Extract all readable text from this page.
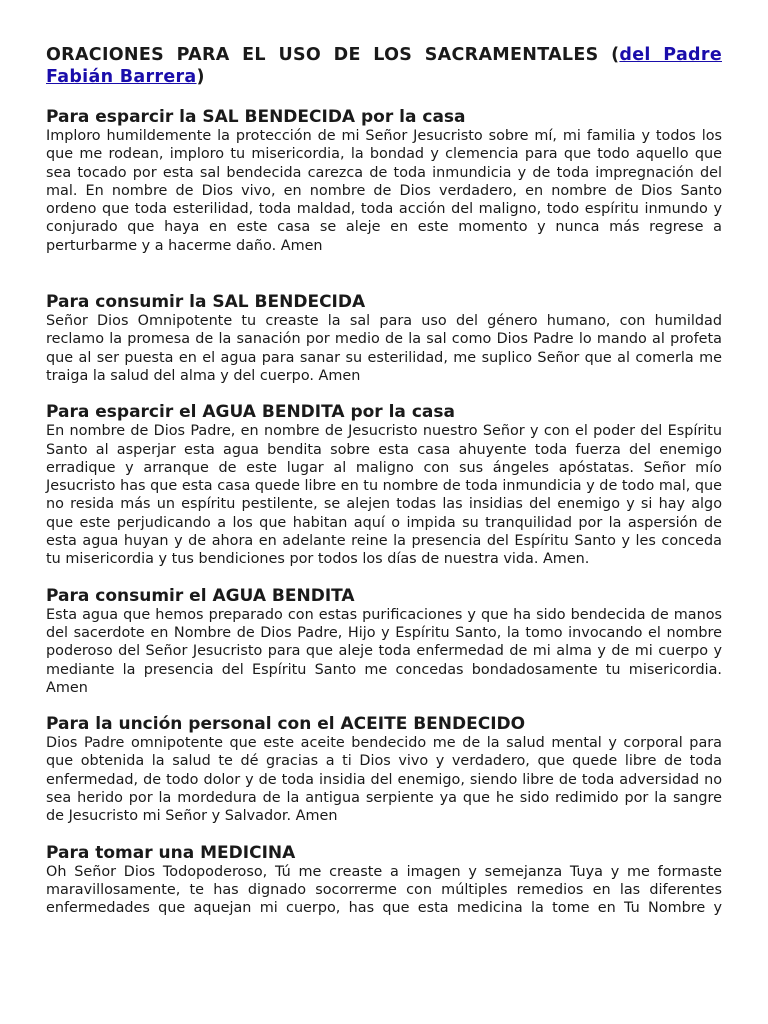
ORACIONES PARA EL USO DE LOS SACRAMENTALES (del Padre Fabián Barrera)
Para esparcir la SAL BENDECIDA por la casa

Imploro humildemente la protección de mi Señor Jesucristo sobre mí, mi familia y todos los que me rodean, imploro tu misericordia, la bondad y clemencia para que todo aquello que sea tocado por esta sal bendecida carezca de toda inmundicia y de toda impregnación del mal. En nombre de Dios vivo, en nombre de Dios verdadero, en nombre de Dios Santo ordeno que toda esterilidad, toda maldad, toda acción del maligno, todo espíritu inmundo y conjurado que haya en este casa se aleje en este momento y nunca más regrese a perturbarme y a hacerme daño. Amen

Para consumir la SAL BENDECIDA

Señor Dios Omnipotente tu creaste la sal para uso del género humano, con humildad reclamo la promesa de la sanación por medio de la sal como Dios Padre lo mando al profeta que al ser puesta en el agua para sanar su esterilidad, me suplico Señor que al comerla me traiga la salud del alma y del cuerpo. Amen

Para esparcir el AGUA BENDITA por la casa

En nombre de Dios Padre, en nombre de Jesucristo nuestro Señor y con el poder del Espíritu Santo al asperjar esta agua bendita sobre esta casa ahuyente toda fuerza del enemigo erradique y arranque de este lugar al maligno con sus ángeles apóstatas. Señor mío Jesucristo has que esta casa quede libre en tu nombre de toda inmundicia y de todo mal, que no resida más un espíritu pestilente, se alejen todas las insidias del enemigo y si hay algo que este perjudicando a los que habitan aquí o impida su tranquilidad por la aspersión de esta agua huyan y de ahora en adelante reine la presencia del Espíritu Santo y les conceda tu misericordia y tus bendiciones por todos los días de nuestra vida. Amen.

Para consumir el AGUA BENDITA

Esta agua que hemos preparado con estas purificaciones y que ha sido bendecida de manos del sacerdote en Nombre de Dios Padre, Hijo y Espíritu Santo, la tomo invocando el nombre poderoso del Señor Jesucristo para que aleje toda enfermedad de mi alma y de mi cuerpo y mediante la presencia del Espíritu Santo me concedas bondadosamente tu misericordia. Amen

Para la unción personal con el ACEITE BENDECIDO

Dios Padre omnipotente que este aceite bendecido me de la salud mental y corporal para que obtenida la salud te dé gracias a ti Dios vivo y verdadero, que quede libre de toda enfermedad, de todo dolor y de toda insidia del enemigo, siendo libre de toda adversidad no sea herido por la mordedura de la antigua serpiente ya que he sido redimido por la sangre de Jesucristo mi Señor y Salvador. Amen

Para tomar una MEDICINA

Oh Señor Dios Todopoderoso, Tú me creaste a imagen y semejanza Tuya y me formaste maravillosamente, te has dignado socorrerme con múltiples remedios en las diferentes enfermedades que aquejan mi cuerpo, has que esta medicina la tome en Tu Nombre y
